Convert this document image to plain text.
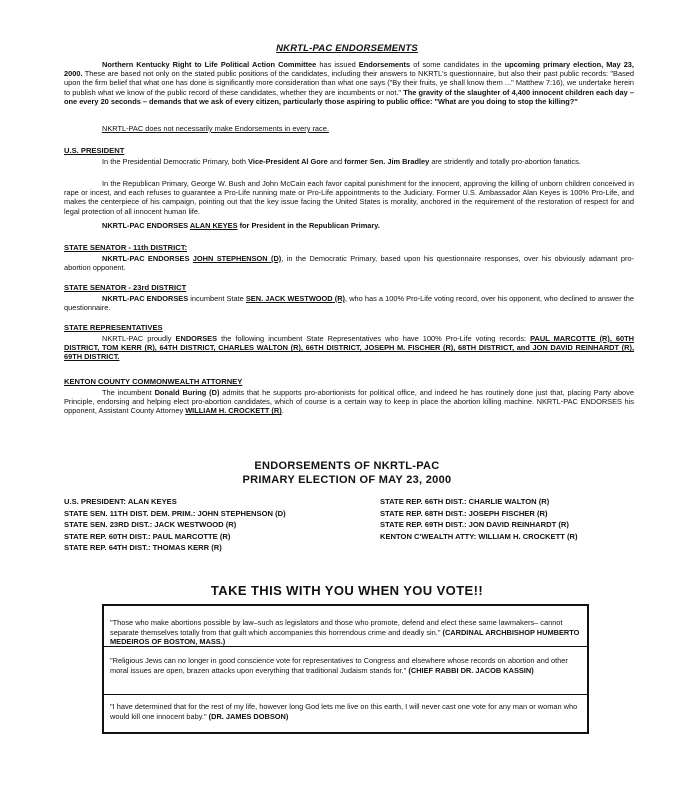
NKRTL-PAC ENDORSEMENTS
Northern Kentucky Right to Life Political Action Committee has issued Endorsements of some candidates in the upcoming primary election, May 23, 2000. These are based not only on the stated public positions of the candidates, including their answers to NKRTL's questionnaire, but also their past public records: "Based upon the firm belief that what one has done is significantly more consideration than what one says ("By their fruits, ye shall know them ..." Matthew 7:16), we undertake herein to publish what we know of the public record of these candidates, whether they are incumbents or not." The gravity of the slaughter of 4,400 innocent children each day – one every 20 seconds – demands that we ask of every citizen, particularly those aspiring to public office: "What are you doing to stop the killing?"
NKRTL-PAC does not necessarily make Endorsements in every race.
U.S. PRESIDENT
In the Presidential Democratic Primary, both Vice-President Al Gore and former Sen. Jim Bradley are stridently and totally pro-abortion fanatics.
In the Republican Primary, George W. Bush and John McCain each favor capital punishment for the innocent, approving the killing of unborn children conceived in rape or incest, and each refuses to guarantee a Pro-Life running mate or Pro-Life appointments to the Judiciary. Former U.S. Ambassador Alan Keyes is 100% Pro-Life, and makes the centerpiece of his campaign, pointing out that the key issue facing the United States is morality, anchored in the requirement of the restoration of respect for and legal protection of all innocent human life.
NKRTL-PAC ENDORSES ALAN KEYES for President in the Republican Primary.
STATE SENATOR - 11th DISTRICT:
NKRTL-PAC ENDORSES JOHN STEPHENSON (D), in the Democratic Primary, based upon his questionnaire responses, over his obviously adamant pro-abortion opponent.
STATE SENATOR - 23rd DISTRICT
NKRTL-PAC ENDORSES incumbent State SEN. JACK WESTWOOD (R), who has a 100% Pro-Life voting record, over his opponent, who declined to answer the questionnaire.
STATE REPRESENTATIVES
NKRTL-PAC proudly ENDORSES the following incumbent State Representatives who have 100% Pro-Life voting records: PAUL MARCOTTE (R), 60TH DISTRICT, TOM KERR (R), 64TH DISTRICT, CHARLES WALTON (R), 66TH DISTRICT, JOSEPH M. FISCHER (R), 68TH DISTRICT, and JON DAVID REINHARDT (R), 69TH DISTRICT.
KENTON COUNTY COMMONWEALTH ATTORNEY
The incumbent Donald Buring (D) admits that he supports pro-abortionists for political office, and indeed he has routinely done just that, placing Party above Principle, endorsing and helping elect pro-abortion candidates, which of course is a certain way to keep in place the abortion killing machine. NKRTL-PAC ENDORSES his opponent, Assistant County Attorney WILLIAM H. CROCKETT (R).
ENDORSEMENTS OF NKRTL-PAC
PRIMARY ELECTION OF MAY 23, 2000
U.S. PRESIDENT: ALAN KEYES
STATE SEN. 11TH DIST. DEM. PRIM.: JOHN STEPHENSON (D)
STATE SEN. 23RD DIST.: JACK WESTWOOD (R)
STATE REP. 60TH DIST.: PAUL MARCOTTE (R)
STATE REP. 64TH DIST.: THOMAS KERR (R)
STATE REP. 66TH DIST.: CHARLIE WALTON (R)
STATE REP. 68TH DIST.: JOSEPH FISCHER (R)
STATE REP. 69TH DIST.: JON DAVID REINHARDT (R)
KENTON C'WEALTH ATTY: WILLIAM H. CROCKETT (R)
TAKE THIS WITH YOU WHEN YOU VOTE!!
"Those who make abortions possible by law–such as legislators and those who promote, defend and elect these same lawmakers– cannot separate themselves totally from that guilt which accompanies this horrendous crime and deadly sin." (CARDINAL ARCHBISHOP HUMBERTO MEDEIROS OF BOSTON, MASS.)
"Religious Jews can no longer in good conscience vote for representatives to Congress and elsewhere whose records on abortion and other moral issues are open, brazen attacks upon everything that traditional Judaism stands for." (CHIEF RABBI DR. JACOB KASSIN)
"I have determined that for the rest of my life, however long God lets me live on this earth, I will never cast one vote for any man or woman who would kill one innocent baby." (DR. JAMES DOBSON)
